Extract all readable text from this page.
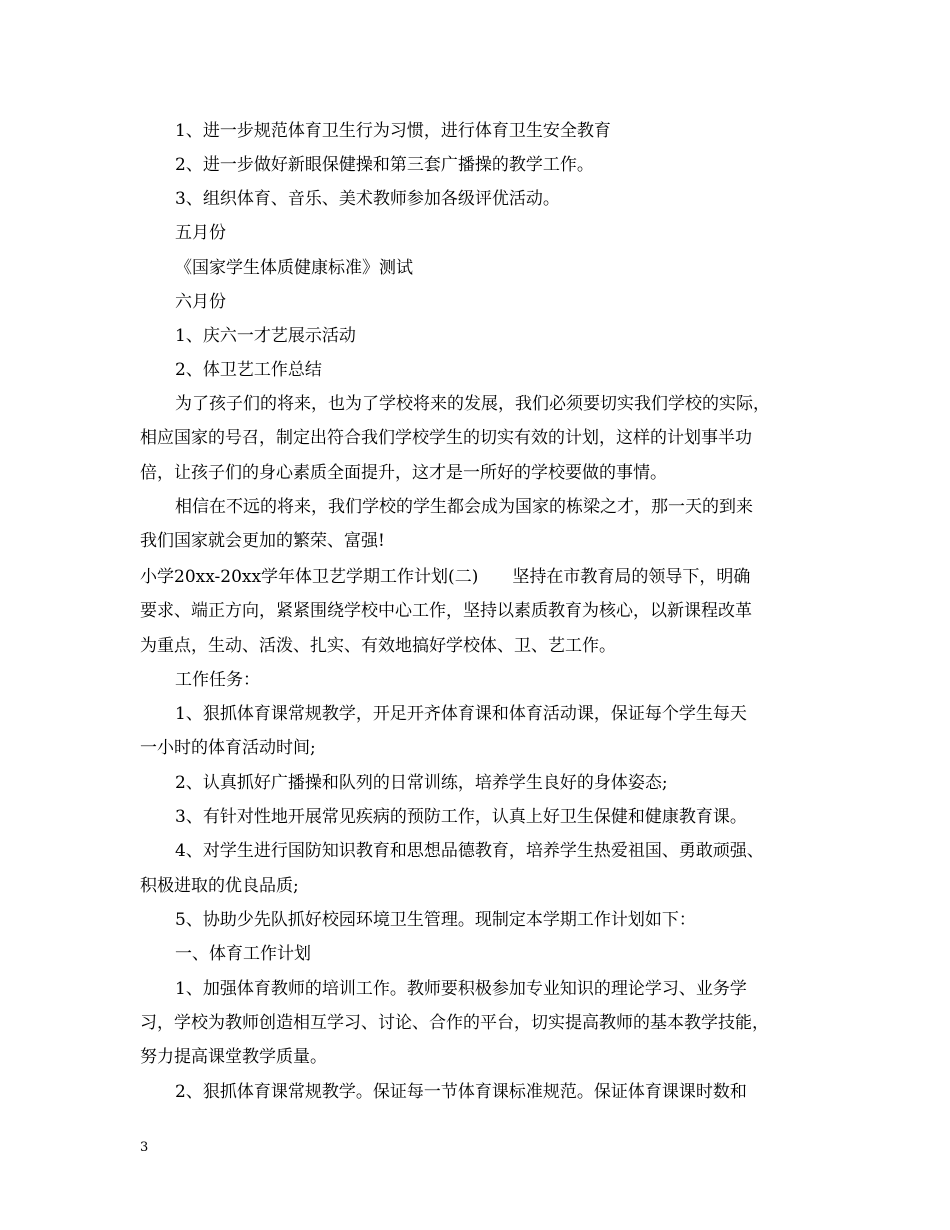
1、进一步规范体育卫生行为习惯，进行体育卫生安全教育
2、进一步做好新眼保健操和第三套广播操的教学工作。
3、组织体育、音乐、美术教师参加各级评优活动。
五月份
《国家学生体质健康标准》测试
六月份
1、庆六一才艺展示活动
2、体卫艺工作总结
为了孩子们的将来，也为了学校将来的发展，我们必须要切实我们学校的实际，
相应国家的号召，制定出符合我们学校学生的切实有效的计划，这样的计划事半功
倍，让孩子们的身心素质全面提升，这才是一所好的学校要做的事情。
相信在不远的将来，我们学校的学生都会成为国家的栋梁之才，那一天的到来
我们国家就会更加的繁荣、富强!
小学20xx-20xx学年体卫艺学期工作计划(二)　　坚持在市教育局的领导下，明确
要求、端正方向，紧紧围绕学校中心工作，坚持以素质教育为核心，以新课程改革
为重点，生动、活泼、扎实、有效地搞好学校体、卫、艺工作。
工作任务：
1、狠抓体育课常规教学，开足开齐体育课和体育活动课，保证每个学生每天
一小时的体育活动时间;
2、认真抓好广播操和队列的日常训练，培养学生良好的身体姿态;
3、有针对性地开展常见疾病的预防工作，认真上好卫生保健和健康教育课。
4、对学生进行国防知识教育和思想品德教育，培养学生热爱祖国、勇敢顽强、
积极进取的优良品质;
5、协助少先队抓好校园环境卫生管理。现制定本学期工作计划如下：
一、体育工作计划
1、加强体育教师的培训工作。教师要积极参加专业知识的理论学习、业务学
习，学校为教师创造相互学习、讨论、合作的平台，切实提高教师的基本教学技能，
努力提高课堂教学质量。
2、狠抓体育课常规教学。保证每一节体育课标准规范。保证体育课课时数和
3
